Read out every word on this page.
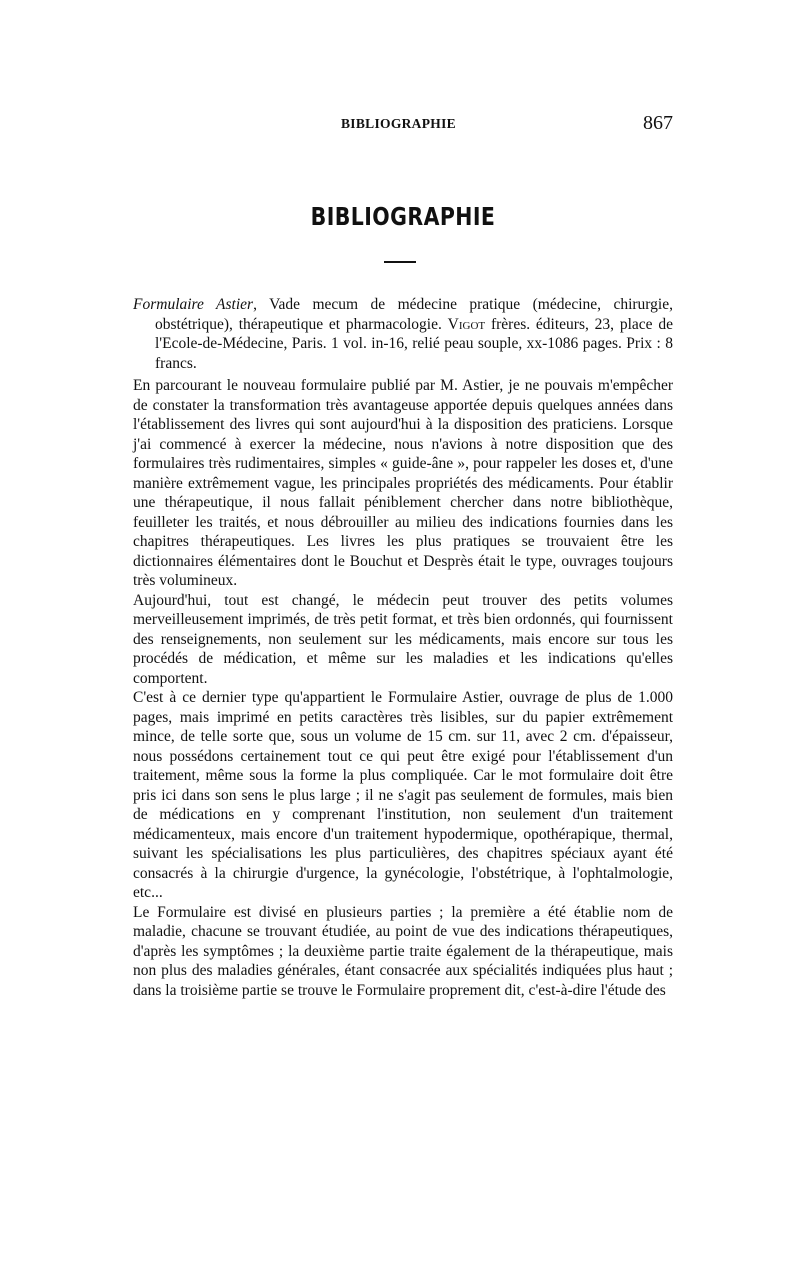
BIBLIOGRAPHIE	867
BIBLIOGRAPHIE
Formulaire Astier, Vade mecum de médecine pratique (médecine, chirurgie, obstétrique), thérapeutique et pharmacologie. Vigot frères. éditeurs, 23, place de l'Ecole-de-Médecine, Paris. 1 vol. in-16, relié peau souple, xx-1086 pages. Prix : 8 francs.

En parcourant le nouveau formulaire publié par M. Astier, je ne pouvais m'empêcher de constater la transformation très avantageuse apportée depuis quelques années dans l'établissement des livres qui sont aujourd'hui à la disposition des praticiens. Lorsque j'ai commencé à exercer la médecine, nous n'avions à notre disposition que des formulaires très rudimentaires, simples « guide-âne », pour rappeler les doses et, d'une manière extrêmement vague, les principales propriétés des médicaments. Pour établir une thérapeutique, il nous fallait péniblement chercher dans notre bibliothèque, feuilleter les traités, et nous débrouiller au milieu des indications fournies dans les chapitres thérapeutiques. Les livres les plus pratiques se trouvaient être les dictionnaires élémentaires dont le Bouchut et Desprès était le type, ouvrages toujours très volumineux.

Aujourd'hui, tout est changé, le médecin peut trouver des petits volumes merveilleusement imprimés, de très petit format, et très bien ordonnés, qui fournissent des renseignements, non seulement sur les médicaments, mais encore sur tous les procédés de médication, et même sur les maladies et les indications qu'elles comportent.

C'est à ce dernier type qu'appartient le Formulaire Astier, ouvrage de plus de 1.000 pages, mais imprimé en petits caractères très lisibles, sur du papier extrêmement mince, de telle sorte que, sous un volume de 15 cm. sur 11, avec 2 cm. d'épaisseur, nous possédons certainement tout ce qui peut être exigé pour l'établissement d'un traitement, même sous la forme la plus compliquée. Car le mot formulaire doit être pris ici dans son sens le plus large ; il ne s'agit pas seulement de formules, mais bien de médications en y comprenant l'institution, non seulement d'un traitement médicamenteux, mais encore d'un traitement hypodermique, opothérapique, thermal, suivant les spécialisations les plus particulières, des chapitres spéciaux ayant été consacrés à la chirurgie d'urgence, la gynécologie, l'obstétrique, à l'ophtalmologie, etc...

Le Formulaire est divisé en plusieurs parties ; la première a été établie nom de maladie, chacune se trouvant étudiée, au point de vue des indications thérapeutiques, d'après les symptômes ; la deuxième partie traite également de la thérapeutique, mais non plus des maladies générales, étant consacrée aux spécialités indiquées plus haut ; dans la troisième partie se trouve le Formulaire proprement dit, c'est-à-dire l'étude des
